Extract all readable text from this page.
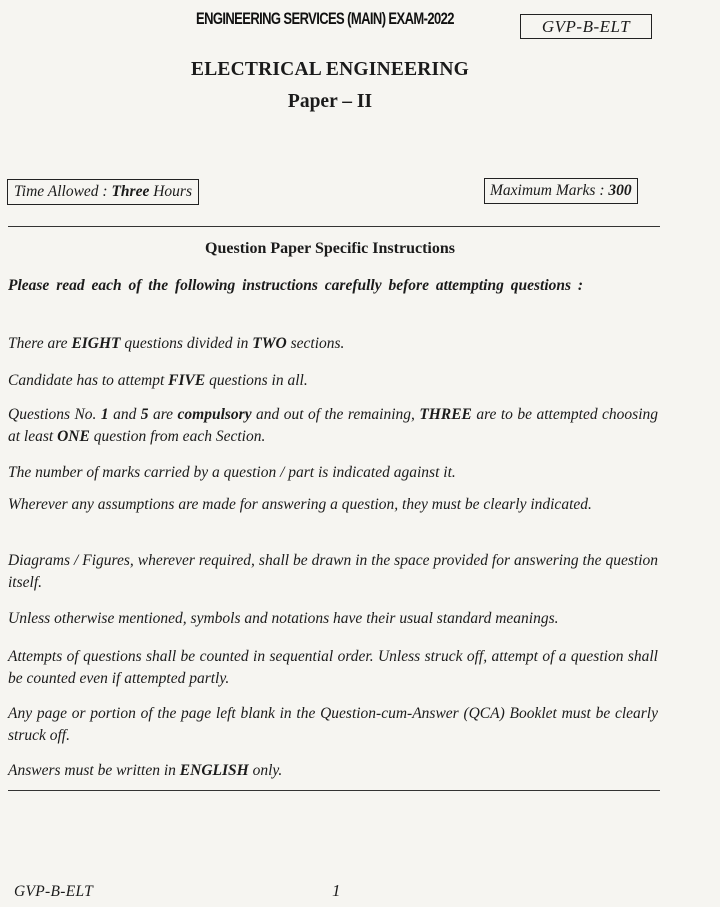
ENGINEERING SERVICES (MAIN) EXAM-2022	GVP-B-ELT
ELECTRICAL ENGINEERING
Paper – II
Time Allowed : Three Hours	Maximum Marks : 300
Question Paper Specific Instructions
Please read each of the following instructions carefully before attempting questions :
There are EIGHT questions divided in TWO sections.
Candidate has to attempt FIVE questions in all.
Questions No. 1 and 5 are compulsory and out of the remaining, THREE are to be attempted choosing at least ONE question from each Section.
The number of marks carried by a question / part is indicated against it.
Wherever any assumptions are made for answering a question, they must be clearly indicated.
Diagrams / Figures, wherever required, shall be drawn in the space provided for answering the question itself.
Unless otherwise mentioned, symbols and notations have their usual standard meanings.
Attempts of questions shall be counted in sequential order. Unless struck off, attempt of a question shall be counted even if attempted partly.
Any page or portion of the page left blank in the Question-cum-Answer (QCA) Booklet must be clearly struck off.
Answers must be written in ENGLISH only.
GVP-B-ELT	1
